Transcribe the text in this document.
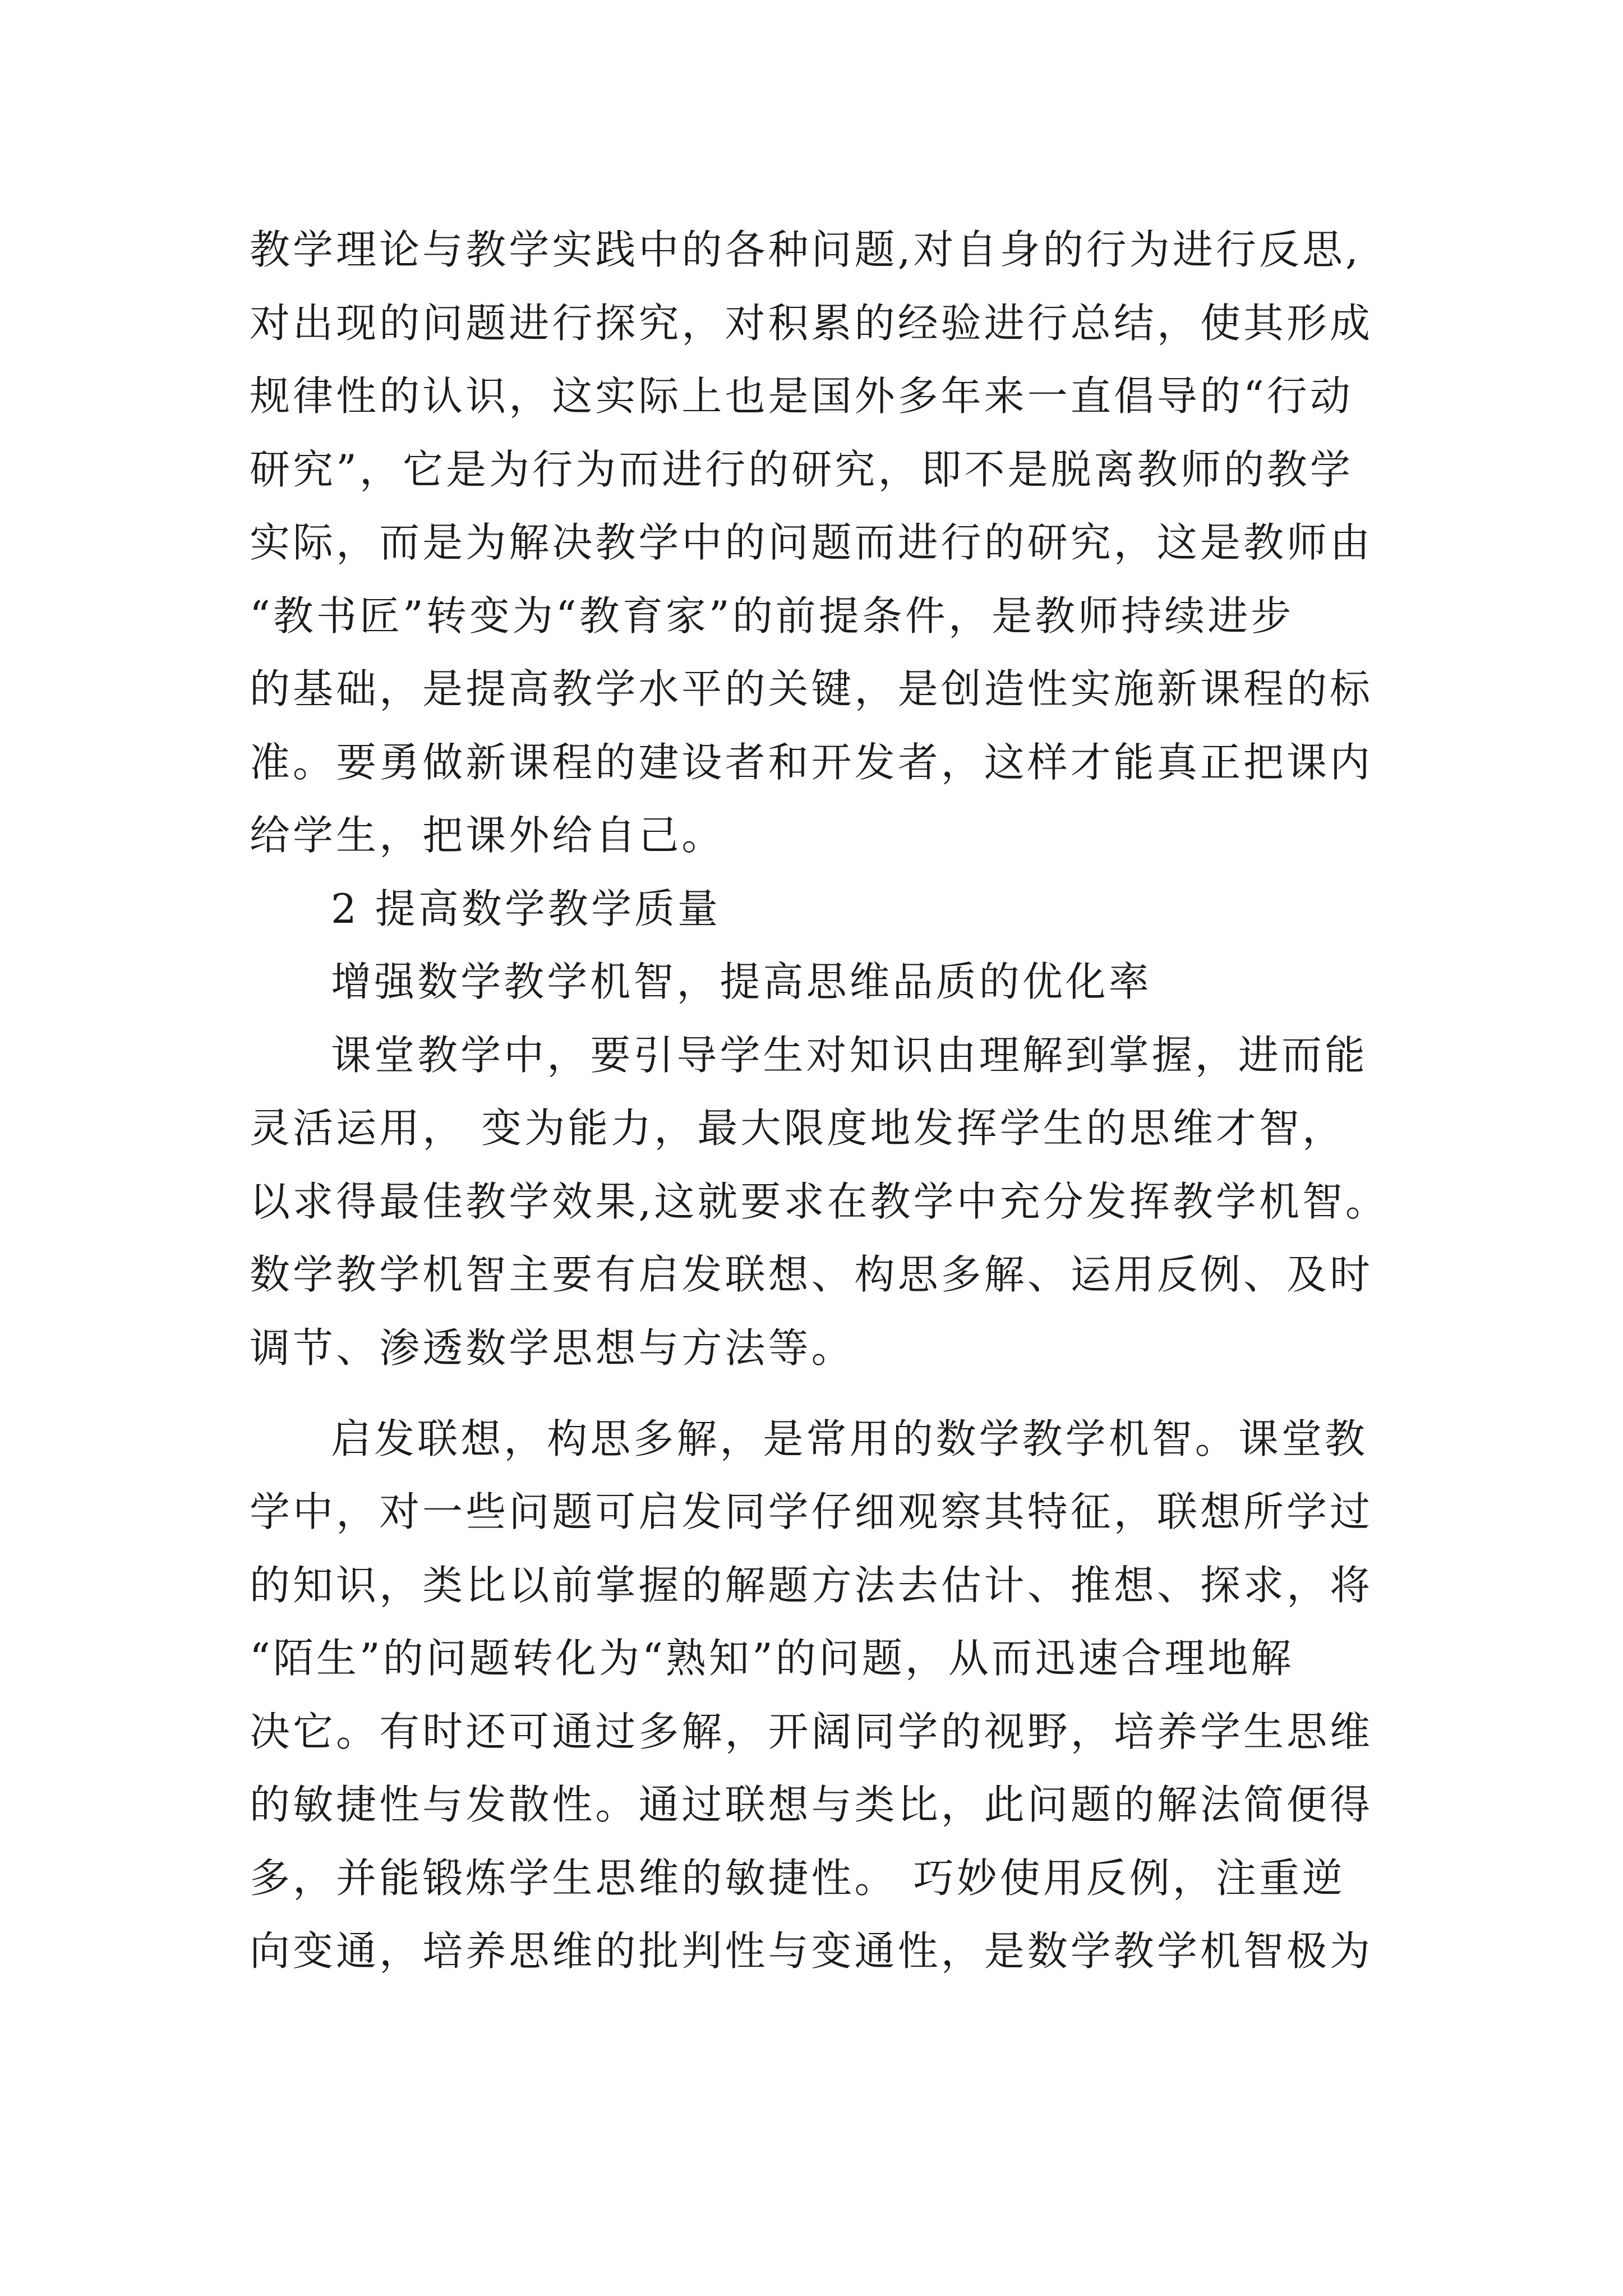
教学理论与教学实践中的各种问题,对自身的行为进行反思,
对出现的问题进行探究，对积累的经验进行总结，使其形成
规律性的认识，这实际上也是国外多年来一直倡导的“行动
研究”，它是为行为而进行的研究，即不是脱离教师的教学
实际，而是为解决教学中的问题而进行的研究，这是教师由
“教书匠”转变为“教育家”的前提条件，是教师持续进步
的基础，是提高教学水平的关键，是创造性实施新课程的标
准。要勇做新课程的建设者和开发者，这样才能真正把课内
给学生，把课外给自己。
2 提高数学教学质量
增强数学教学机智，提高思维品质的优化率
课堂教学中，要引导学生对知识由理解到掌握，进而能
灵活运用， 变为能力，最大限度地发挥学生的思维才智，
以求得最佳教学效果,这就要求在教学中充分发挥教学机智。
数学教学机智主要有启发联想、构思多解、运用反例、及时
调节、渗透数学思想与方法等。
启发联想，构思多解，是常用的数学教学机智。课堂教
学中，对一些问题可启发同学仔细观察其特征，联想所学过
的知识，类比以前掌握的解题方法去估计、推想、探求，将
“陌生”的问题转化为“熟知”的问题，从而迅速合理地解
决它。有时还可通过多解，开阔同学的视野，培养学生思维
的敏捷性与发散性。通过联想与类比，此问题的解法简便得
多，并能锻炼学生思维的敏捷性。 巧妙使用反例，注重逆
向变通，培养思维的批判性与变通性，是数学教学机智极为
